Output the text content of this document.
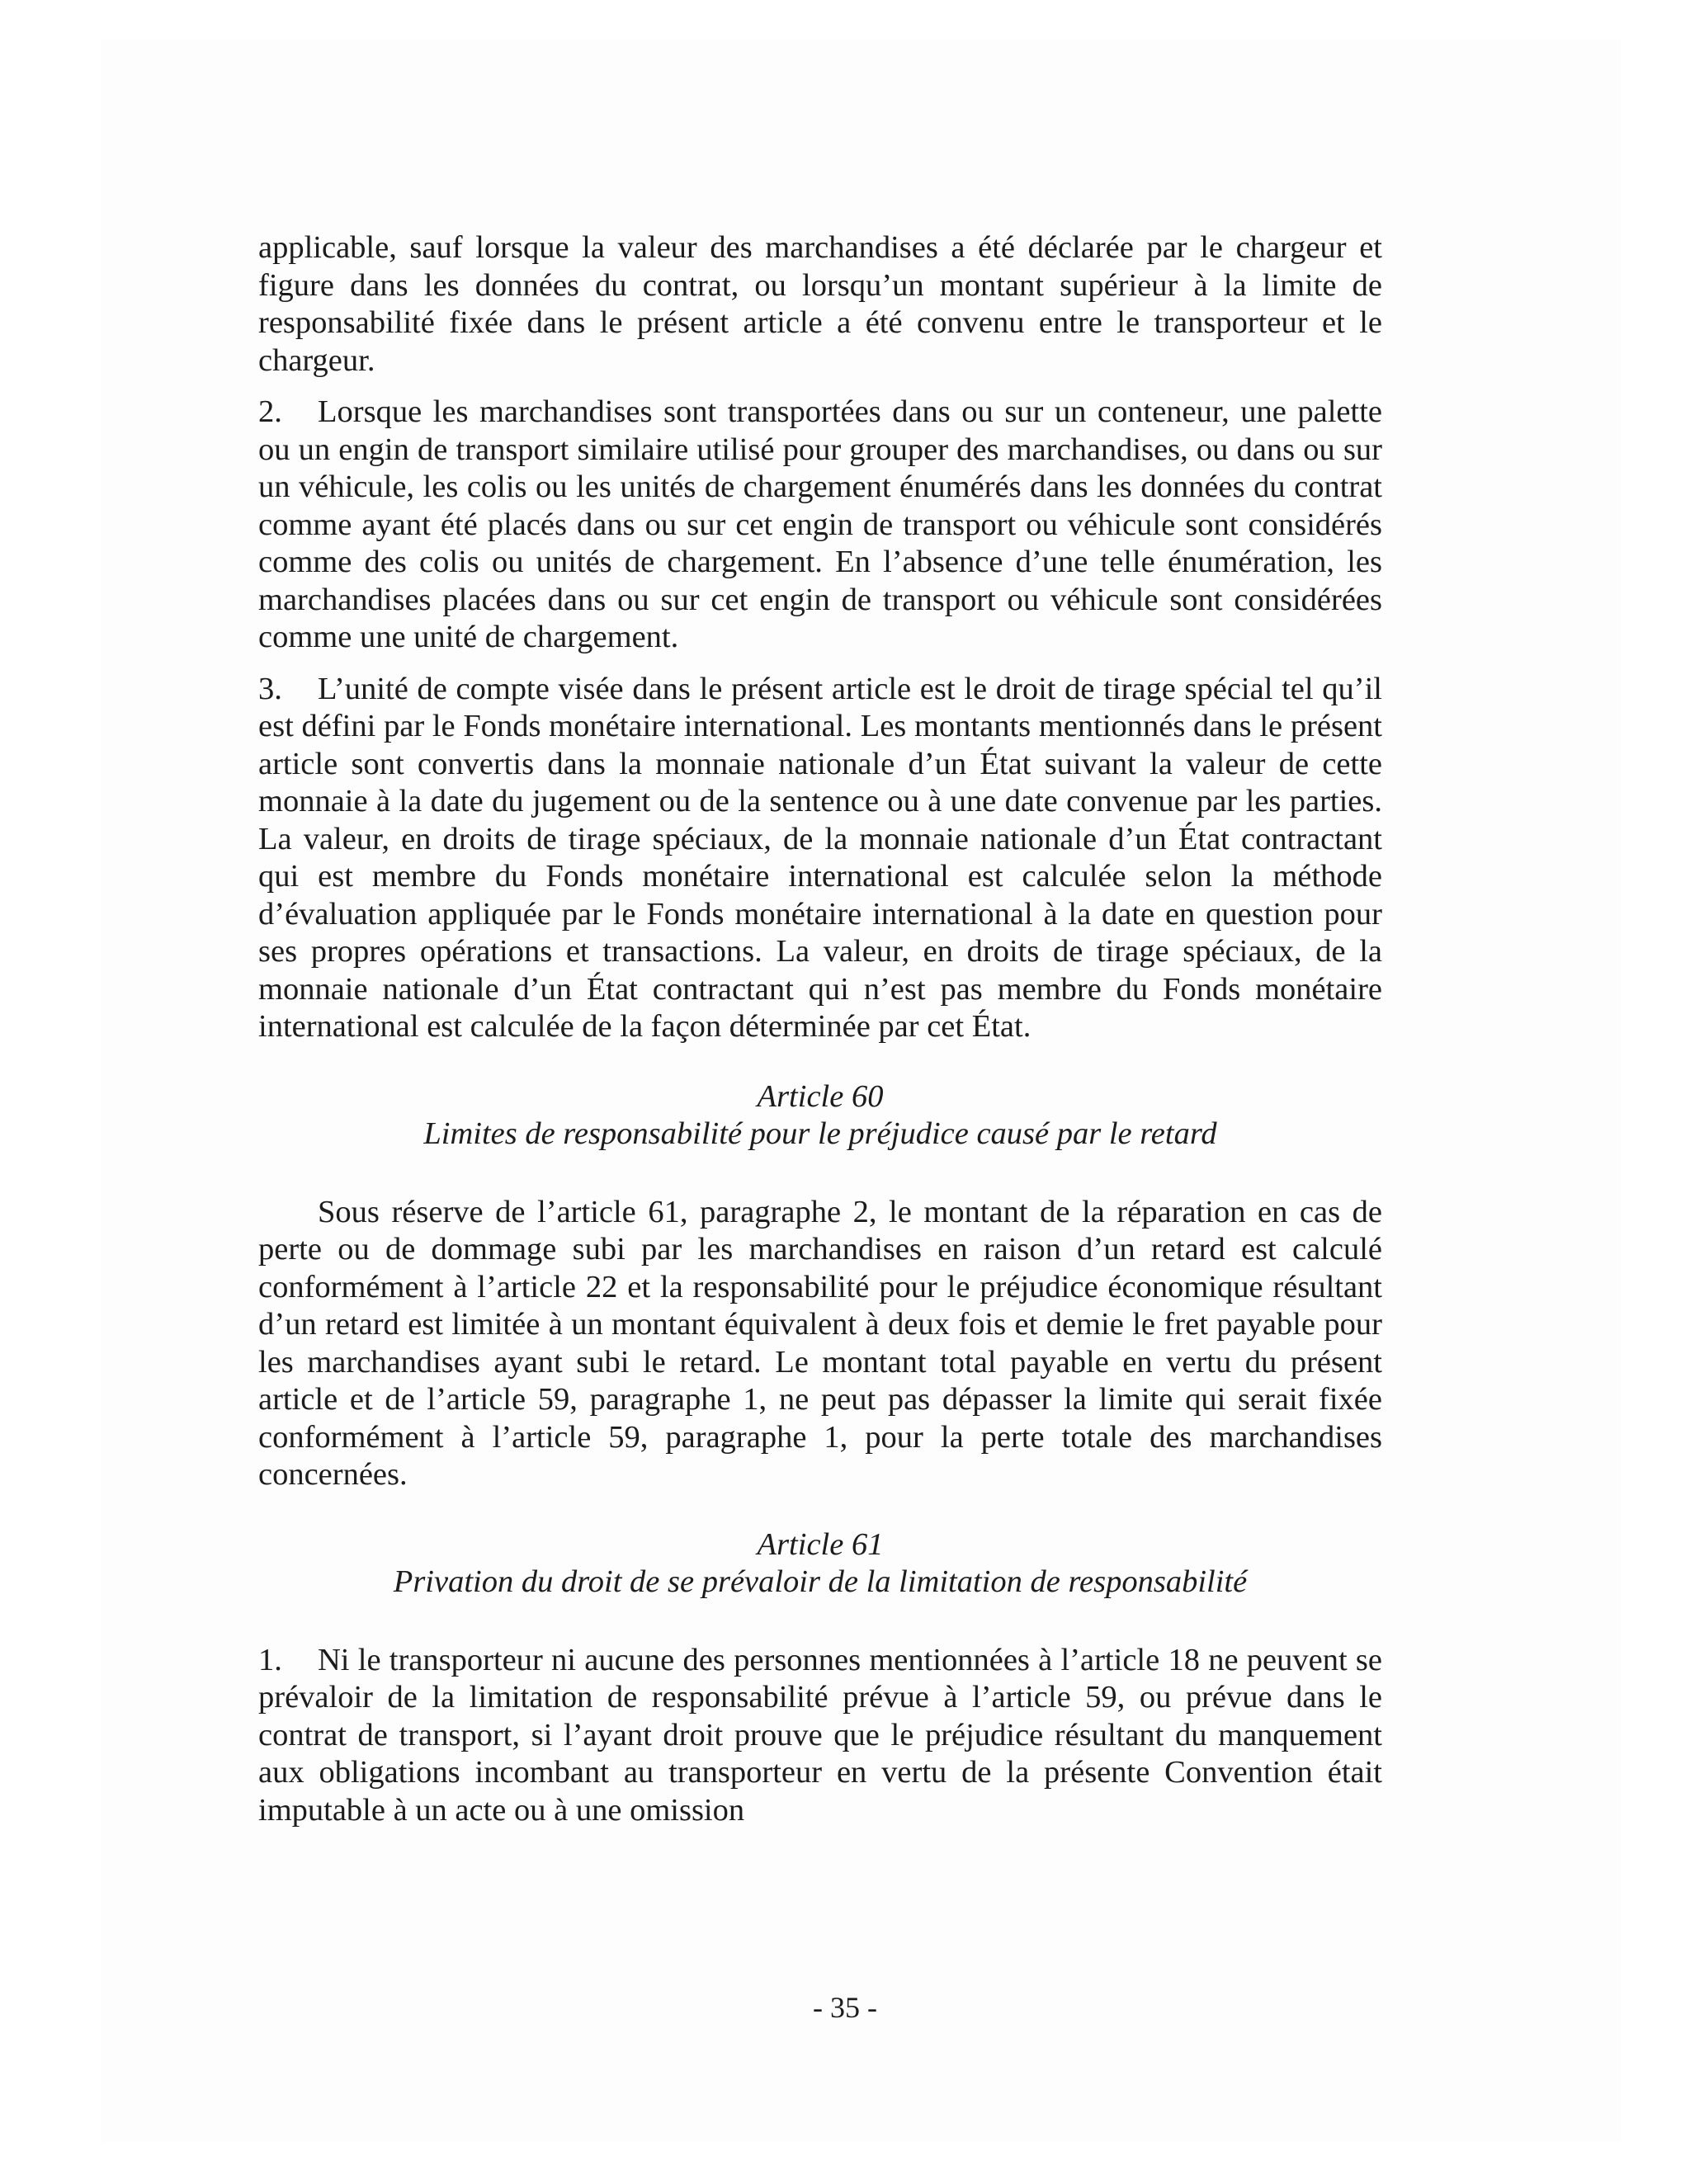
applicable, sauf lorsque la valeur des marchandises a été déclarée par le chargeur et figure dans les données du contrat, ou lorsqu’un montant supérieur à la limite de responsabilité fixée dans le présent article a été convenu entre le transporteur et le chargeur.

2. Lorsque les marchandises sont transportées dans ou sur un conteneur, une palette ou un engin de transport similaire utilisé pour grouper des marchandises, ou dans ou sur un véhicule, les colis ou les unités de chargement énumérés dans les données du contrat comme ayant été placés dans ou sur cet engin de transport ou véhicule sont considérés comme des colis ou unités de chargement. En l’absence d’une telle énumération, les marchandises placées dans ou sur cet engin de transport ou véhicule sont considérées comme une unité de chargement.

3. L’unité de compte visée dans le présent article est le droit de tirage spécial tel qu’il est défini par le Fonds monétaire international. Les montants mentionnés dans le présent article sont convertis dans la monnaie nationale d’un État suivant la valeur de cette monnaie à la date du jugement ou de la sentence ou à une date convenue par les parties. La valeur, en droits de tirage spéciaux, de la monnaie nationale d’un État contractant qui est membre du Fonds monétaire international est calculée selon la méthode d’évaluation appliquée par le Fonds monétaire international à la date en question pour ses propres opérations et transactions. La valeur, en droits de tirage spéciaux, de la monnaie nationale d’un État contractant qui n’est pas membre du Fonds monétaire international est calculée de la façon déterminée par cet État.

Article 60
Limites de responsabilité pour le préjudice causé par le retard

Sous réserve de l’article 61, paragraphe 2, le montant de la réparation en cas de perte ou de dommage subi par les marchandises en raison d’un retard est calculé conformément à l’article 22 et la responsabilité pour le préjudice économique résultant d’un retard est limitée à un montant équivalent à deux fois et demie le fret payable pour les marchandises ayant subi le retard. Le montant total payable en vertu du présent article et de l’article 59, paragraphe 1, ne peut pas dépasser la limite qui serait fixée conformément à l’article 59, paragraphe 1, pour la perte totale des marchandises concernées.

Article 61
Privation du droit de se prévaloir de la limitation de responsabilité

1. Ni le transporteur ni aucune des personnes mentionnées à l’article 18 ne peuvent se prévaloir de la limitation de responsabilité prévue à l’article 59, ou prévue dans le contrat de transport, si l’ayant droit prouve que le préjudice résultant du manquement aux obligations incombant au transporteur en vertu de la présente Convention était imputable à un acte ou à une omission

- 35 -
